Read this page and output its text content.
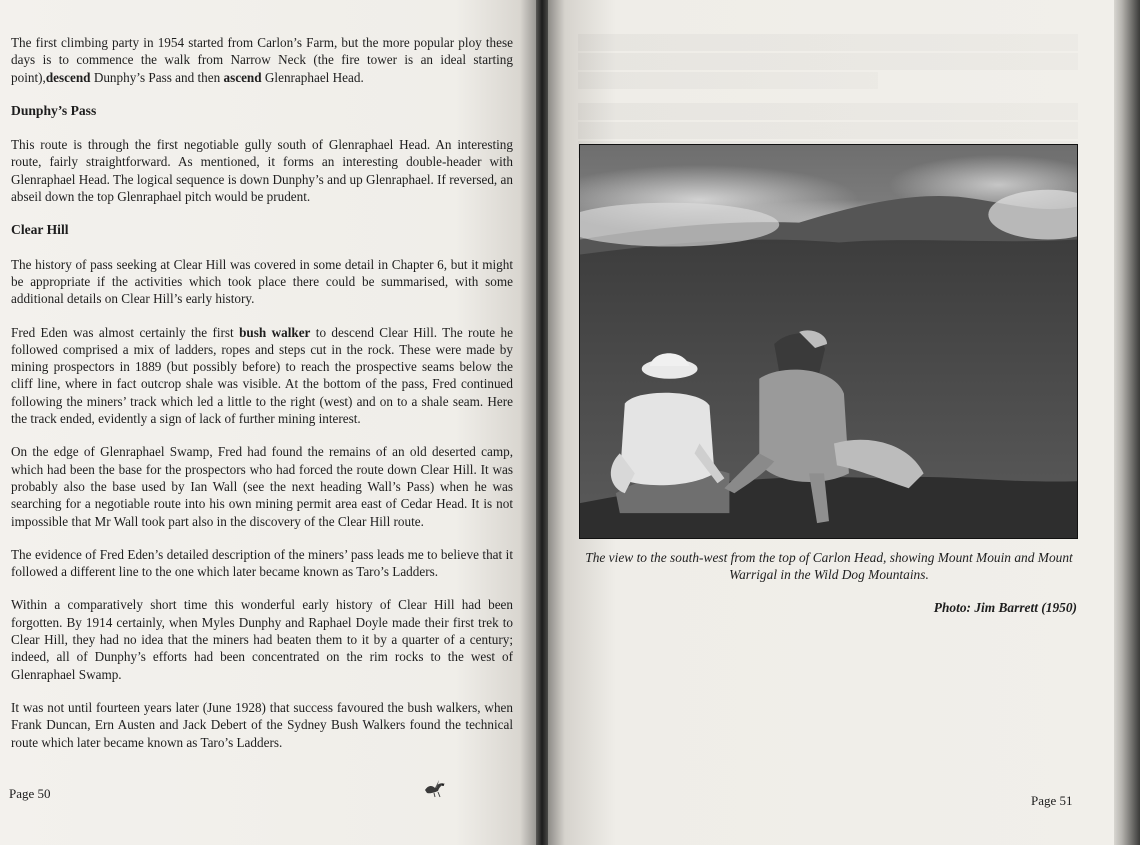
The first climbing party in 1954 started from Carlon’s Farm, but the more popular ploy these days is to commence the walk from Narrow Neck (the fire tower is an ideal starting point),descend Dunphy’s Pass and then ascend Glenraphael Head.

Dunphy’s Pass

This route is through the first negotiable gully south of Glenraphael Head. An interesting route, fairly straightforward. As mentioned, it forms an interesting double-header with Glenraphael Head. The logical sequence is down Dunphy’s and up Glenraphael. If reversed, an abseil down the top Glenraphael pitch would be prudent.

Clear Hill

The history of pass seeking at Clear Hill was covered in some detail in Chapter 6, but it might be appropriate if the activities which took place there could be summarised, with some additional details on Clear Hill’s early history.

Fred Eden was almost certainly the first bush walker to descend Clear Hill. The route he followed comprised a mix of ladders, ropes and steps cut in the rock. These were made by mining prospectors in 1889 (but possibly before) to reach the prospective seams below the cliff line, where in fact outcrop shale was visible. At the bottom of the pass, Fred continued following the miners’ track which led a little to the right (west) and on to a shale seam. Here the track ended, evidently a sign of lack of further mining interest.

On the edge of Glenraphael Swamp, Fred had found the remains of an old deserted camp, which had been the base for the prospectors who had forced the route down Clear Hill. It was probably also the base used by Ian Wall (see the next heading Wall’s Pass) when he was searching for a negotiable route into his own mining permit area east of Cedar Head. It is not impossible that Mr Wall took part also in the discovery of the Clear Hill route.

The evidence of Fred Eden’s detailed description of the miners’ pass leads me to believe that it followed a different line to the one which later became known as Taro’s Ladders.

Within a comparatively short time this wonderful early history of Clear Hill had been forgotten. By 1914 certainly, when Myles Dunphy and Raphael Doyle made their first trek to Clear Hill, they had no idea that the miners had beaten them to it by a quarter of a century; indeed, all of Dunphy’s efforts had been concentrated on the rim rocks to the west of Glenraphael Swamp.

It was not until fourteen years later (June 1928) that success favoured the bush walkers, when Frank Duncan, Ern Austen and Jack Debert of the Sydney Bush Walkers found the technical route which later became known as Taro’s Ladders.

Page 50
The view to the south-west from the top of Carlon Head, showing Mount Mouin and Mount Warrigal in the Wild Dog Mountains.
Photo: Jim Barrett (1950)
Page 51
